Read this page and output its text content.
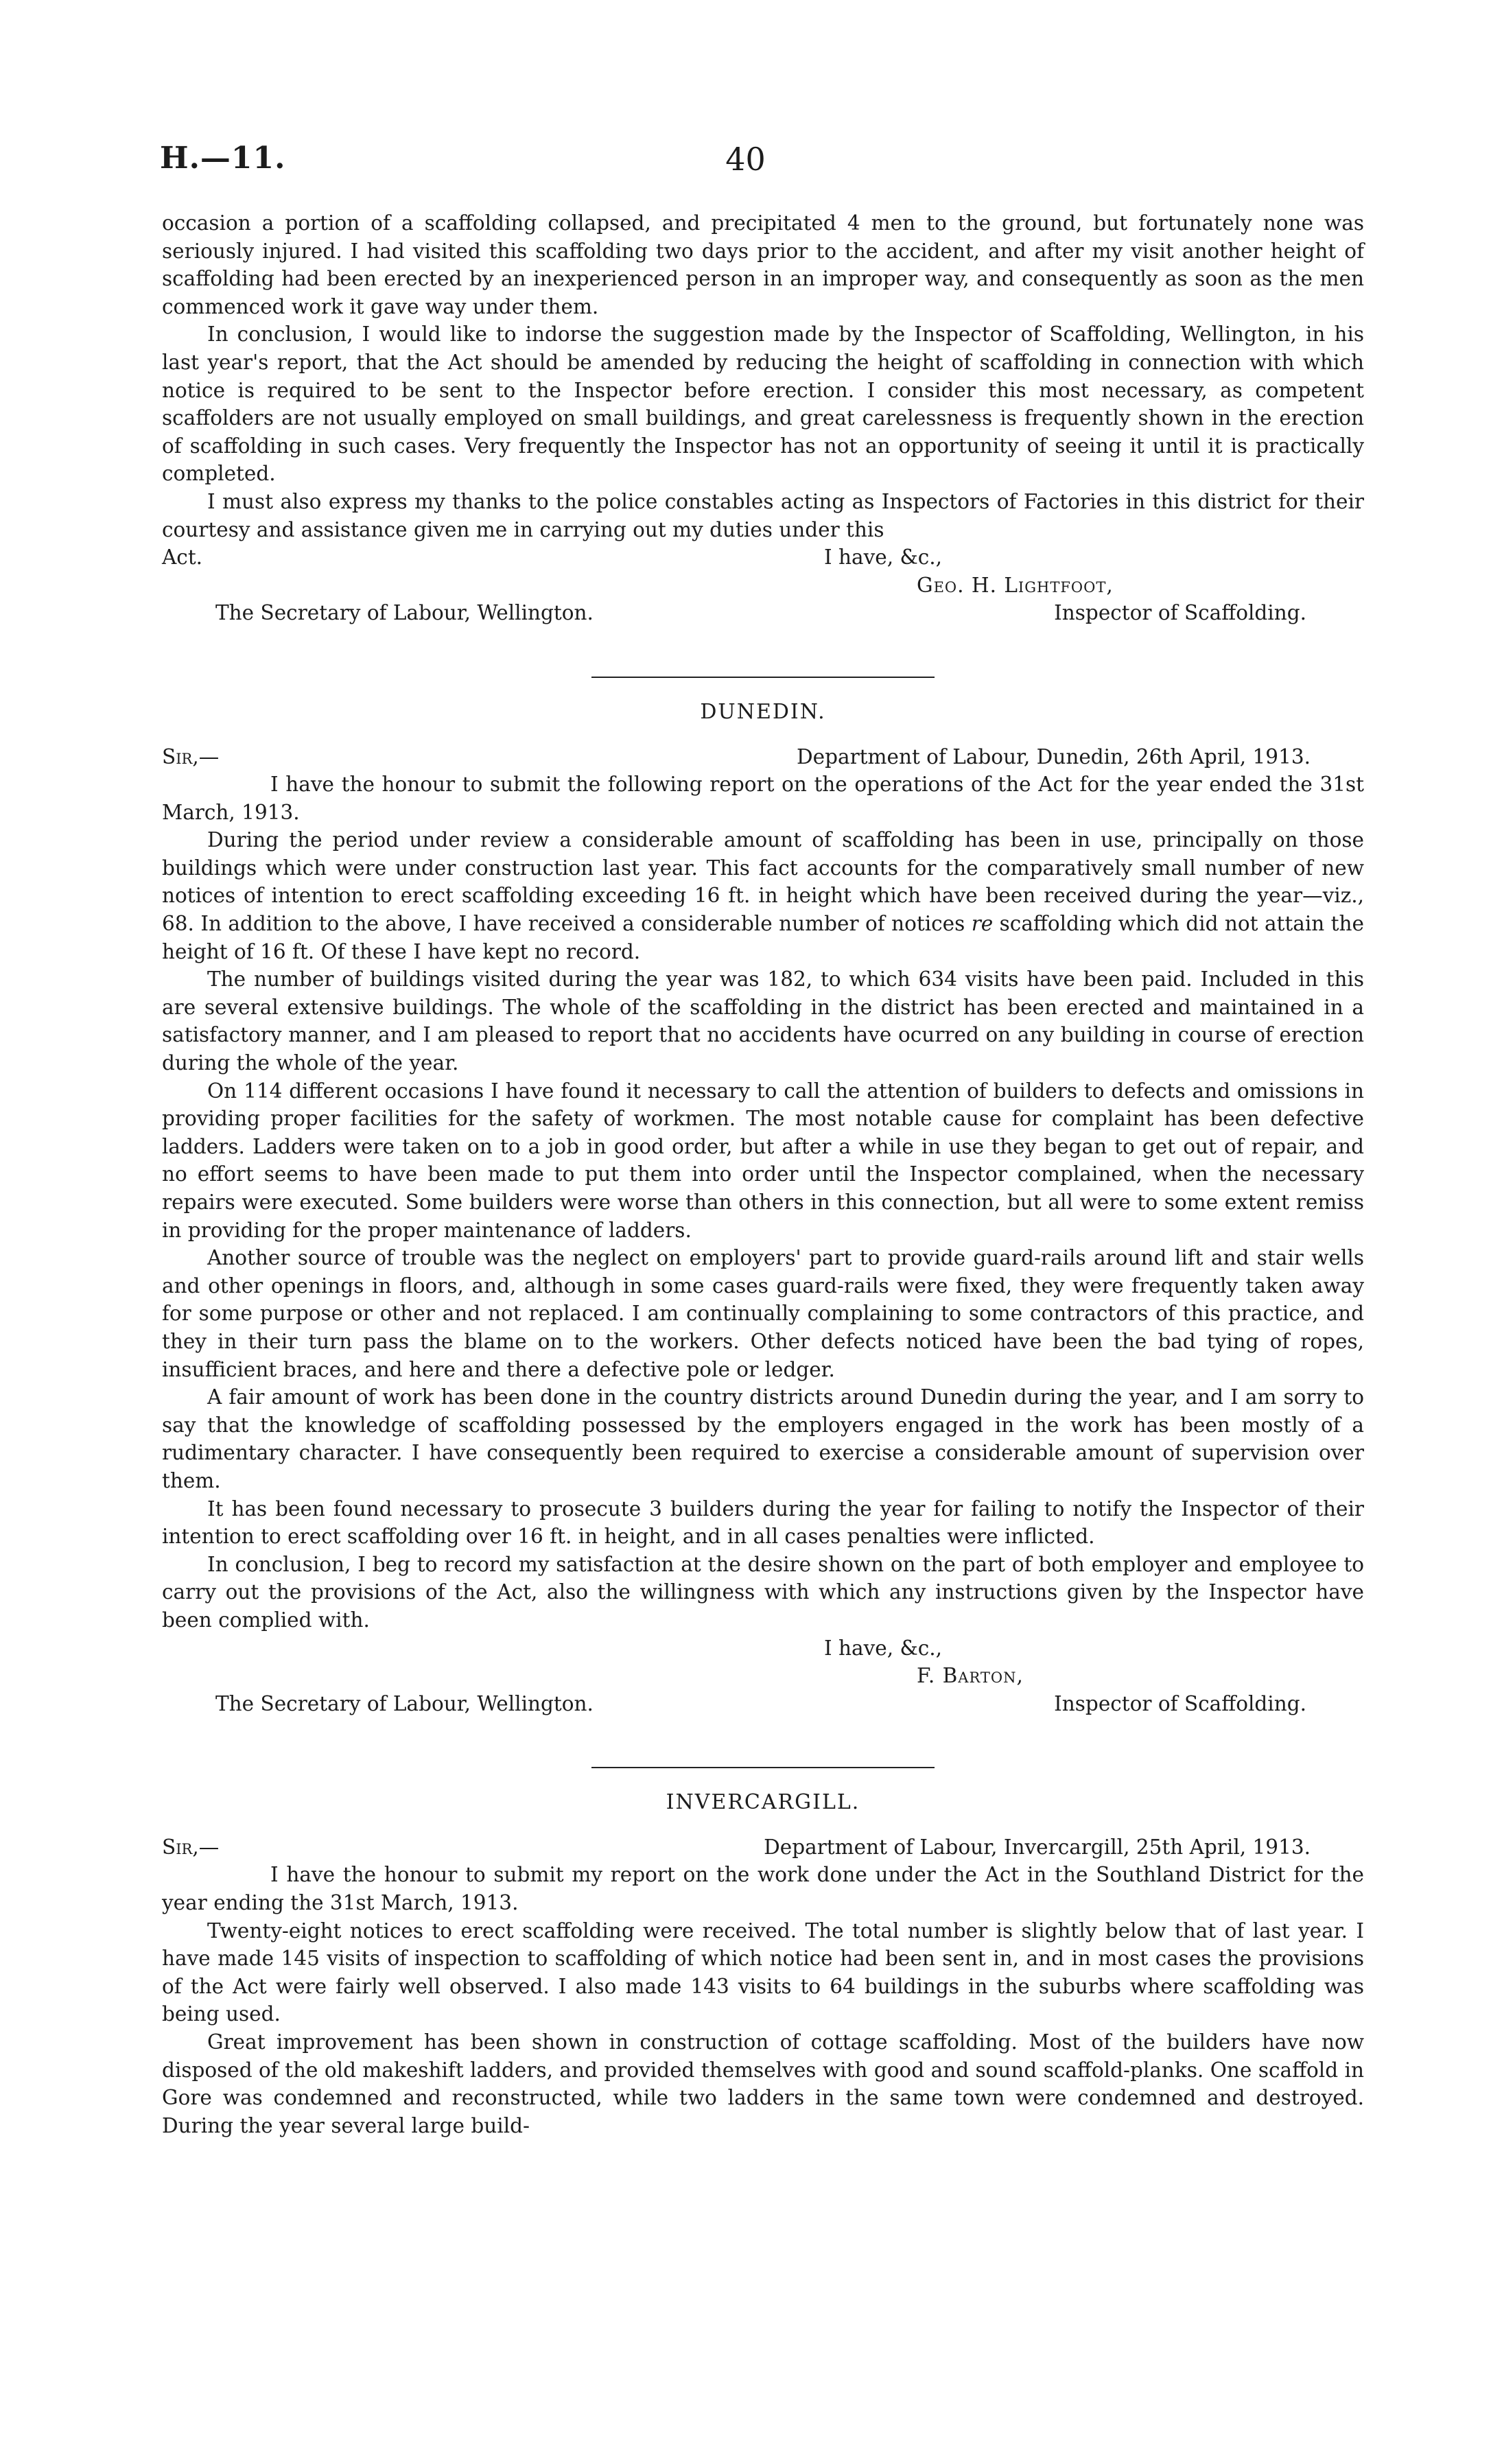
H.—11.	40

occasion a portion of a scaffolding collapsed, and precipitated 4 men to the ground, but fortunately none was seriously injured. I had visited this scaffolding two days prior to the accident, and after my visit another height of scaffolding had been erected by an inexperienced person in an improper way, and consequently as soon as the men commenced work it gave way under them.

In conclusion, I would like to indorse the suggestion made by the Inspector of Scaffolding, Wellington, in his last year's report, that the Act should be amended by reducing the height of scaffolding in connection with which notice is required to be sent to the Inspector before erection. I consider this most necessary, as competent scaffolders are not usually employed on small buildings, and great carelessness is frequently shown in the erection of scaffolding in such cases. Very frequently the Inspector has not an opportunity of seeing it until it is practically completed.

I must also express my thanks to the police constables acting as Inspectors of Factories in this district for their courtesy and assistance given me in carrying out my duties under this

Act.	I have, &c.,

Geo. H. Lightfoot,

The Secretary of Labour, Wellington.	Inspector of Scaffolding.
DUNEDIN.
Sir,—	Department of Labour, Dunedin, 26th April, 1913.

I have the honour to submit the following report on the operations of the Act for the year ended the 31st March, 1913.

During the period under review a considerable amount of scaffolding has been in use, principally on those buildings which were under construction last year. This fact accounts for the comparatively small number of new notices of intention to erect scaffolding exceeding 16 ft. in height which have been received during the year—viz., 68. In addition to the above, I have received a considerable number of notices re scaffolding which did not attain the height of 16 ft. Of these I have kept no record.

The number of buildings visited during the year was 182, to which 634 visits have been paid. Included in this are several extensive buildings. The whole of the scaffolding in the district has been erected and maintained in a satisfactory manner, and I am pleased to report that no accidents have ocurred on any building in course of erection during the whole of the year.

On 114 different occasions I have found it necessary to call the attention of builders to defects and omissions in providing proper facilities for the safety of workmen. The most notable cause for complaint has been defective ladders. Ladders were taken on to a job in good order, but after a while in use they began to get out of repair, and no effort seems to have been made to put them into order until the Inspector complained, when the necessary repairs were executed. Some builders were worse than others in this connection, but all were to some extent remiss in providing for the proper maintenance of ladders.

Another source of trouble was the neglect on employers' part to provide guard-rails around lift and stair wells and other openings in floors, and, although in some cases guard-rails were fixed, they were frequently taken away for some purpose or other and not replaced. I am continually complaining to some contractors of this practice, and they in their turn pass the blame on to the workers. Other defects noticed have been the bad tying of ropes, insufficient braces, and here and there a defective pole or ledger.

A fair amount of work has been done in the country districts around Dunedin during the year, and I am sorry to say that the knowledge of scaffolding possessed by the employers engaged in the work has been mostly of a rudimentary character. I have consequently been required to exercise a considerable amount of supervision over them.

It has been found necessary to prosecute 3 builders during the year for failing to notify the Inspector of their intention to erect scaffolding over 16 ft. in height, and in all cases penalties were inflicted.

In conclusion, I beg to record my satisfaction at the desire shown on the part of both employer and employee to carry out the provisions of the Act, also the willingness with which any instructions given by the Inspector have been complied with.

I have, &c.,

F. Barton,

The Secretary of Labour, Wellington.	Inspector of Scaffolding.
INVERCARGILL.
Sir,—	Department of Labour, Invercargill, 25th April, 1913.

I have the honour to submit my report on the work done under the Act in the Southland District for the year ending the 31st March, 1913.

Twenty-eight notices to erect scaffolding were received. The total number is slightly below that of last year. I have made 145 visits of inspection to scaffolding of which notice had been sent in, and in most cases the provisions of the Act were fairly well observed. I also made 143 visits to 64 buildings in the suburbs where scaffolding was being used.

Great improvement has been shown in construction of cottage scaffolding. Most of the builders have now disposed of the old makeshift ladders, and provided themselves with good and sound scaffold-planks. One scaffold in Gore was condemned and reconstructed, while two ladders in the same town were condemned and destroyed. During the year several large build-
